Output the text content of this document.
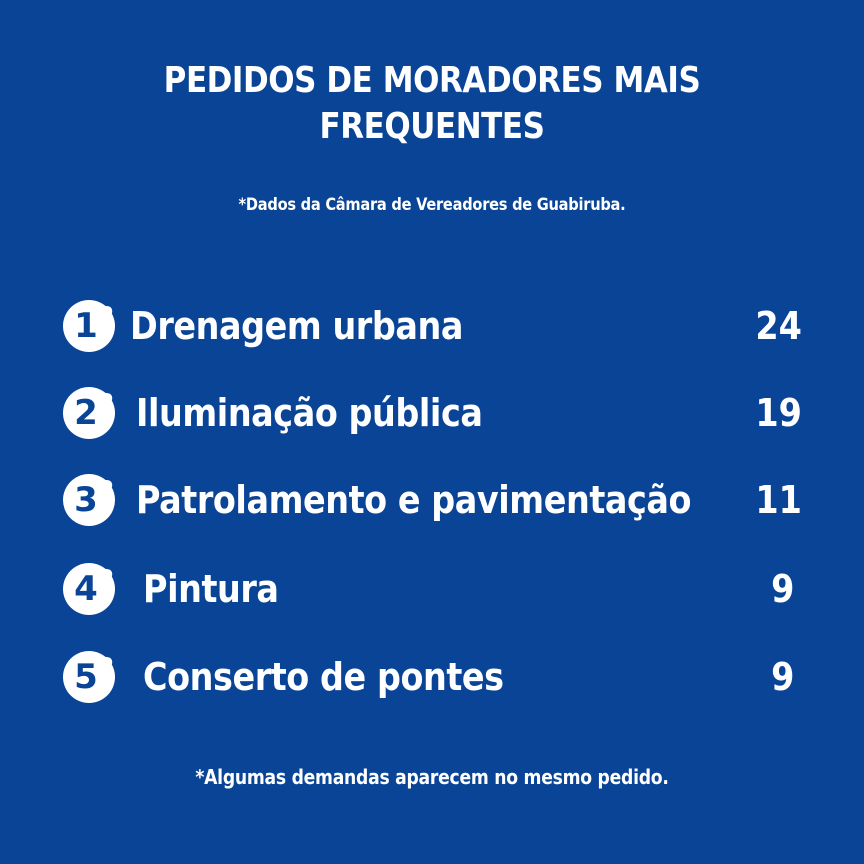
PEDIDOS DE MORADORES MAIS
FREQUENTES
*Dados da Câmara de Vereadores de Guabiruba.
1 º Drenagem urbana	24
2 º Iluminação pública	19
3 º Patrolamento e pavimentação 11
4 º Pintura	9
5 º Conserto de pontes	9
*Algumas demandas aparecem no mesmo pedido.
